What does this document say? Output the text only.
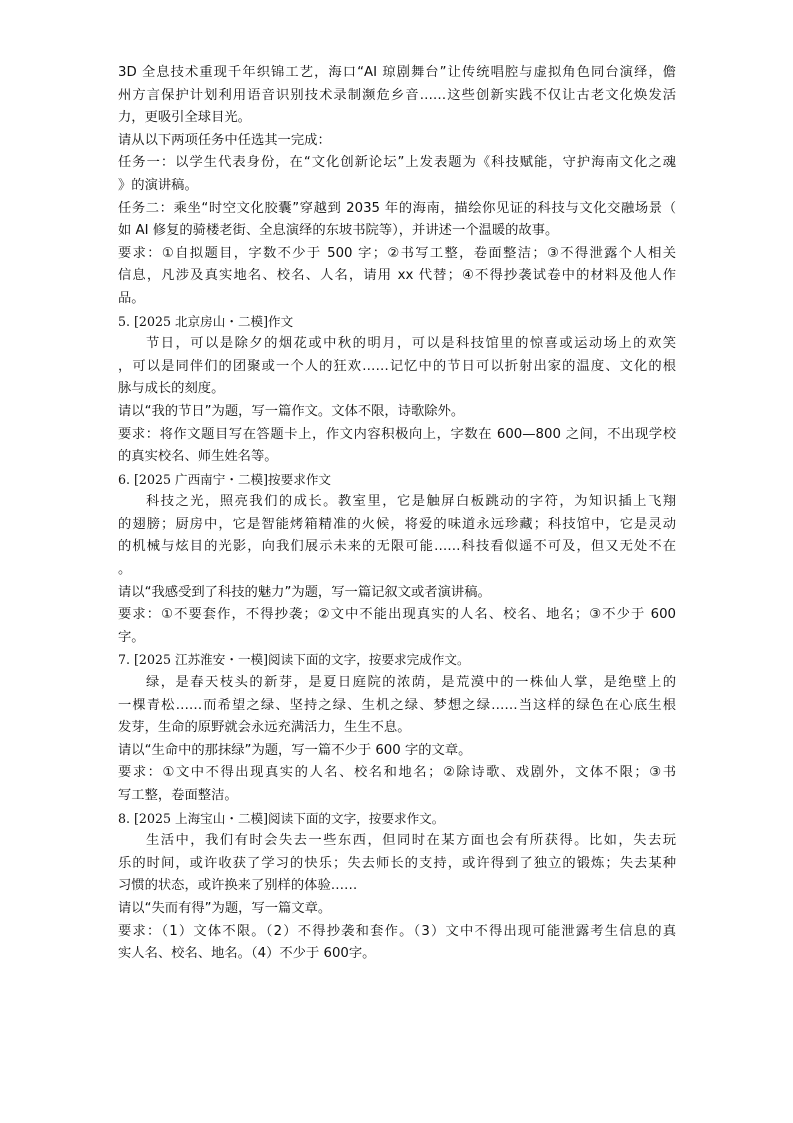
3D 全息技术重现千年织锦工艺，海口“AI 琼剧舞台”让传统唱腔与虚拟角色同台演绎，儋
州方言保护计划利用语音识别技术录制濒危乡音……这些创新实践不仅让古老文化焕发活
力，更吸引全球目光。
请从以下两项任务中任选其一完成：
任务一：以学生代表身份，在“文化创新论坛”上发表题为《科技赋能，守护海南文化之魂
》的演讲稿。
任务二：乘坐“时空文化胶囊”穿越到 2035 年的海南，描绘你见证的科技与文化交融场景（
如 AI 修复的骑楼老街、全息演绎的东坡书院等），并讲述一个温暖的故事。
要求：①自拟题目，字数不少于 500 字；②书写工整，卷面整洁；③不得泄露个人相关
信息，凡涉及真实地名、校名、人名，请用 xx 代替；④不得抄袭试卷中的材料及他人作
品。
5. [2025 北京房山・二模]作文
节日，可以是除夕的烟花或中秋的明月，可以是科技馆里的惊喜或运动场上的欢笑
，可以是同伴们的团聚或一个人的狂欢……记忆中的节日可以折射出家的温度、文化的根
脉与成长的刻度。
请以“我的节日”为题，写一篇作文。文体不限，诗歌除外。
要求：将作文题目写在答题卡上，作文内容积极向上，字数在 600—800 之间，不出现学校
的真实校名、师生姓名等。
6. [2025 广西南宁・二模]按要求作文
科技之光，照亮我们的成长。教室里，它是触屏白板跳动的字符，为知识插上飞翔
的翅膀；厨房中，它是智能烤箱精准的火候，将爱的味道永远珍藏；科技馆中，它是灵动
的机械与炫目的光影，向我们展示未来的无限可能……科技看似遥不可及，但又无处不在
。
请以“我感受到了科技的魅力”为题，写一篇记叙文或者演讲稿。
要求：①不要套作，不得抄袭；②文中不能出现真实的人名、校名、地名；③不少于 600
字。
7. [2025 江苏淮安・一模]阅读下面的文字，按要求完成作文。
绿，是春天枝头的新芽，是夏日庭院的浓荫，是荒漠中的一株仙人掌，是绝壁上的
一棵青松……而希望之绿、坚持之绿、生机之绿、梦想之绿……当这样的绿色在心底生根
发芽，生命的原野就会永远充满活力，生生不息。
请以“生命中的那抹绿”为题，写一篇不少于 600 字的文章。
要求：①文中不得出现真实的人名、校名和地名；②除诗歌、戏剧外，文体不限；③书
写工整，卷面整洁。
8. [2025 上海宝山・二模]阅读下面的文字，按要求作文。
生活中，我们有时会失去一些东西，但同时在某方面也会有所获得。比如，失去玩
乐的时间，或许收获了学习的快乐；失去师长的支持，或许得到了独立的锻炼；失去某种
习惯的状态，或许换来了别样的体验……
请以“失而有得”为题，写一篇文章。
要求：（1）文体不限。（2）不得抄袭和套作。（3）文中不得出现可能泄露考生信息的真
实人名、校名、地名。（4）不少于 600字。
